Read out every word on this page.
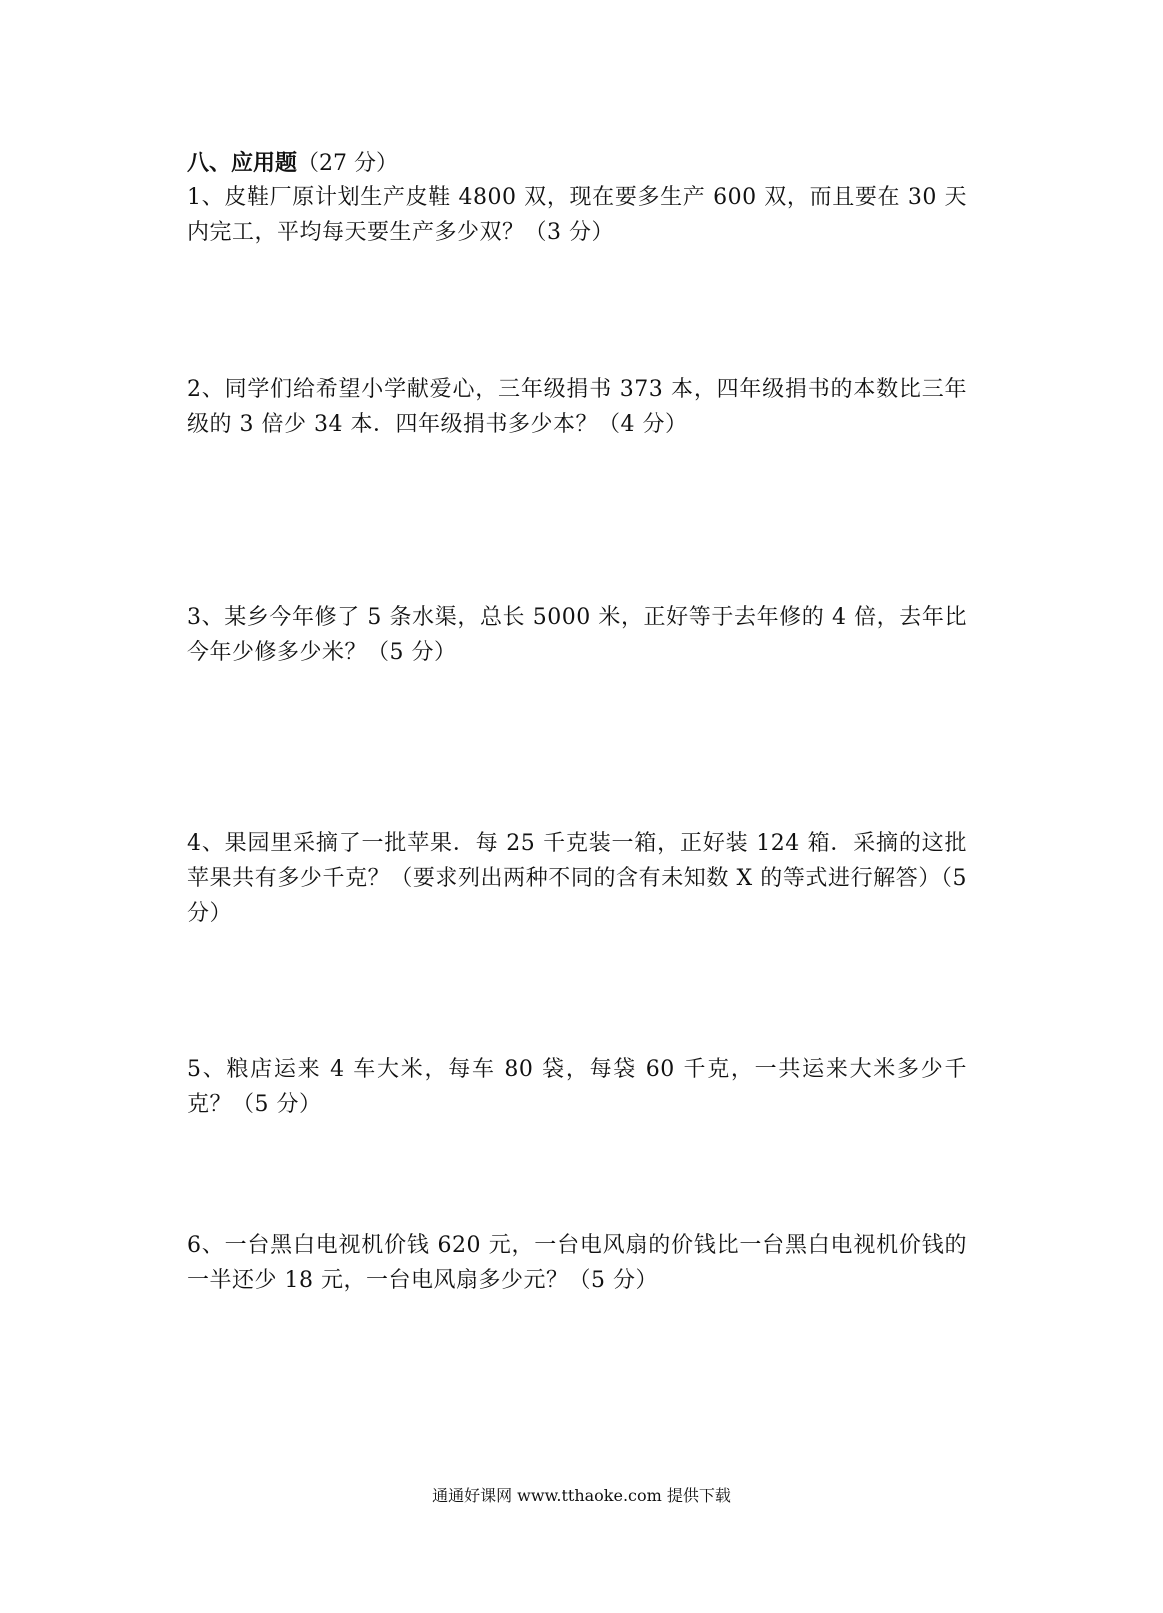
八、应用题（27 分）
1、皮鞋厂原计划生产皮鞋 4800 双，现在要多生产 600 双，而且要在 30 天内完工，平均每天要生产多少双？（3 分）
2、同学们给希望小学献爱心，三年级捐书 373 本，四年级捐书的本数比三年级的 3 倍少 34 本．四年级捐书多少本？（4 分）
3、某乡今年修了 5 条水渠，总长 5000 米，正好等于去年修的 4 倍，去年比今年少修多少米？（5 分）
4、果园里采摘了一批苹果．每 25 千克装一箱，正好装 124 箱．采摘的这批苹果共有多少千克？（要求列出两种不同的含有未知数 X 的等式进行解答）（5 分）
5、粮店运来 4 车大米，每车 80 袋，每袋 60 千克，一共运来大米多少千克？（5 分）
6、一台黑白电视机价钱 620 元，一台电风扇的价钱比一台黑白电视机价钱的一半还少 18 元，一台电风扇多少元？（5 分）
通通好课网 www.tthaoke.com 提供下载
